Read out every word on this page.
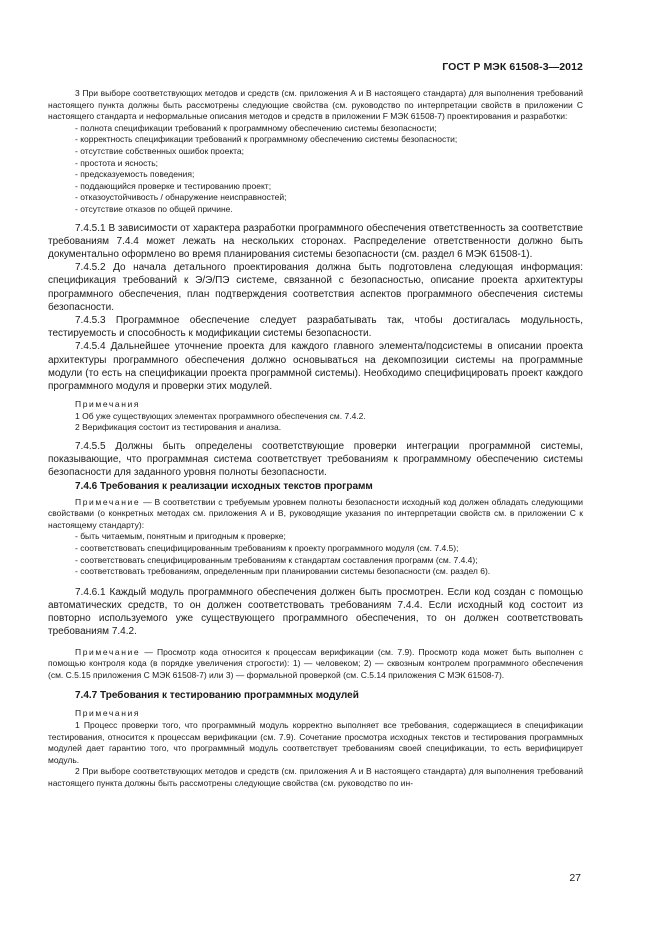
ГОСТ Р МЭК 61508-3—2012

3 При выборе соответствующих методов и средств (см. приложения А и В настоящего стандарта) для выполнения требований настоящего пункта должны быть рассмотрены следующие свойства (см. руководство по интерпретации свойств в приложении С настоящего стандарта и неформальные описания методов и средств в приложении F МЭК 61508-7) проектирования и разработки:

- полнота спецификации требований к программному обеспечению системы безопасности;

- корректность спецификации требований к программному обеспечению системы безопасности;

- отсутствие собственных ошибок проекта;

- простота и ясность;

- предсказуемость поведения;

- поддающийся проверке и тестированию проект;

- отказоустойчивость / обнаружение неисправностей;

- отсутствие отказов по общей причине.

7.4.5.1 В зависимости от характера разработки программного обеспечения ответственность за соответствие требованиям 7.4.4 может лежать на нескольких сторонах. Распределение ответственности должно быть документально оформлено во время планирования системы безопасности (см. раздел 6 МЭК 61508-1).

7.4.5.2 До начала детального проектирования должна быть подготовлена следующая информация: спецификация требований к Э/Э/ПЭ системе, связанной с безопасностью, описание проекта архитектуры программного обеспечения, план подтверждения соответствия аспектов программного обеспечения системы безопасности.

7.4.5.3 Программное обеспечение следует разрабатывать так, чтобы достигалась модульность, тестируемость и способность к модификации системы безопасности.

7.4.5.4 Дальнейшее уточнение проекта для каждого главного элемента/подсистемы в описании проекта архитектуры программного обеспечения должно основываться на декомпозиции системы на программные модули (то есть на спецификации проекта программной системы). Необходимо специфицировать проект каждого программного модуля и проверки этих модулей.

Примечания

1 Об уже существующих элементах программного обеспечения см. 7.4.2.

2 Верификация состоит из тестирования и анализа.

7.4.5.5 Должны быть определены соответствующие проверки интеграции программной системы, показывающие, что программная система соответствует требованиям к программному обеспечению системы безопасности для заданного уровня полноты безопасности.

7.4.6 Требования к реализации исходных текстов программ

Примечание — В соответствии с требуемым уровнем полноты безопасности исходный код должен обладать следующими свойствами (о конкретных методах см. приложения А и В, руководящие указания по интерпретации свойств см. в приложении С к настоящему стандарту):

- быть читаемым, понятным и пригодным к проверке;

- соответствовать специфицированным требованиям к проекту программного модуля (см. 7.4.5);

- соответствовать специфицированным требованиям к стандартам составления программ (см. 7.4.4);

- соответствовать требованиям, определенным при планировании системы безопасности (см. раздел 6).

7.4.6.1 Каждый модуль программного обеспечения должен быть просмотрен. Если код создан с помощью автоматических средств, то он должен соответствовать требованиям 7.4.4. Если исходный код состоит из повторно используемого уже существующего программного обеспечения, то он должен соответствовать требованиям 7.4.2.

Примечание — Просмотр кода относится к процессам верификации (см. 7.9). Просмотр кода может быть выполнен с помощью контроля кода (в порядке увеличения строгости): 1) — человеком; 2) — сквозным контролем программного обеспечения (см. С.5.15 приложения С МЭК 61508-7) или 3) — формальной проверкой (см. С.5.14 приложения С МЭК 61508-7).

7.4.7 Требования к тестированию программных модулей

Примечания

1 Процесс проверки того, что программный модуль корректно выполняет все требования, содержащиеся в спецификации тестирования, относится к процессам верификации (см. 7.9). Сочетание просмотра исходных текстов и тестирования программных модулей дает гарантию того, что программный модуль соответствует требованиям своей спецификации, то есть верифицирует модуль.

2 При выборе соответствующих методов и средств (см. приложения А и В настоящего стандарта) для выполнения требований настоящего пункта должны быть рассмотрены следующие свойства (см. руководство по ин-

27
